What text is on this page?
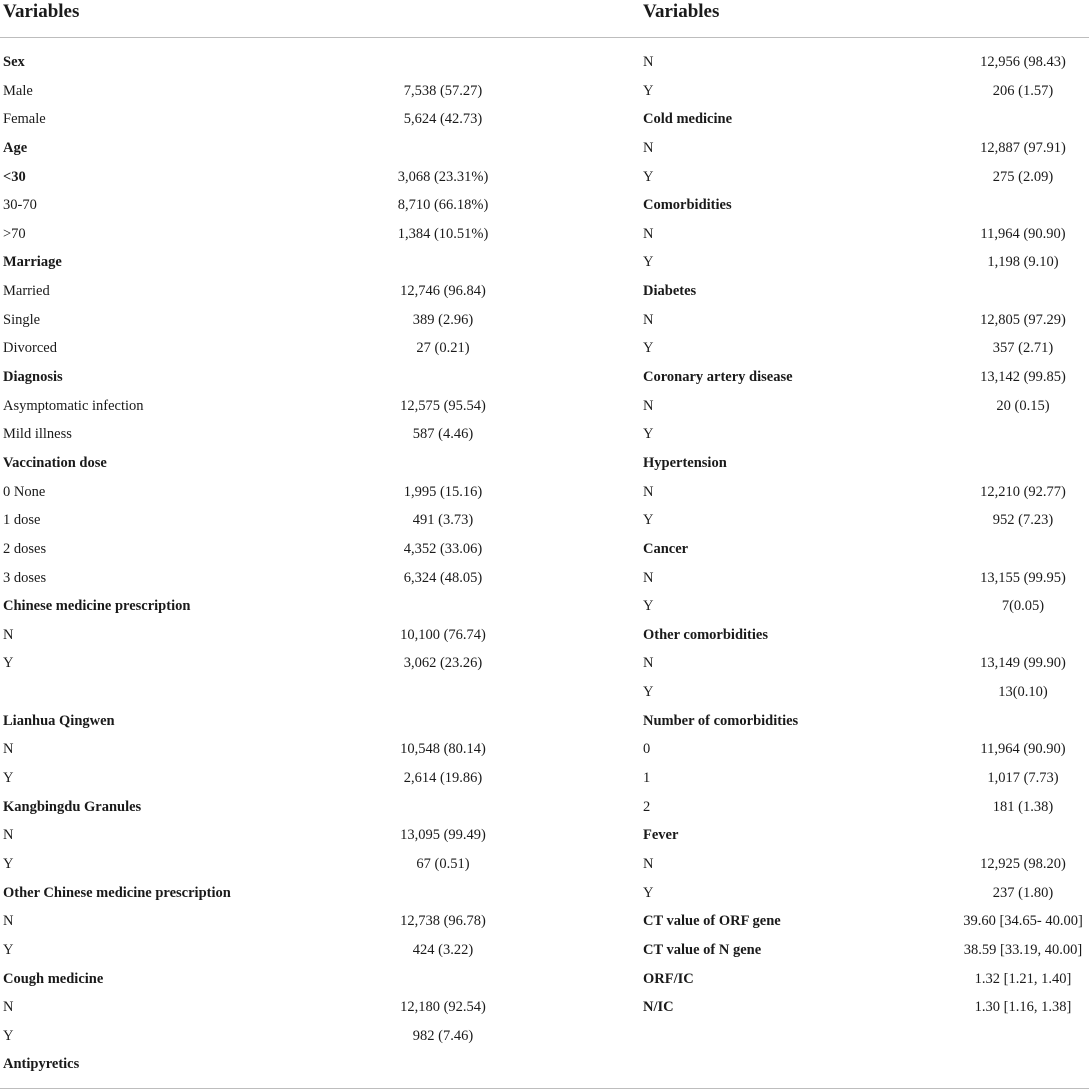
Variables	Variables
Sex
Male	7,538 (57.27)
Female	5,624 (42.73)
Age
<30	3,068 (23.31%)
30-70	8,710 (66.18%)
>70	1,384 (10.51%)
Marriage
Married	12,746 (96.84)
Single	389 (2.96)
Divorced	27 (0.21)
Diagnosis
Asymptomatic infection	12,575 (95.54)
Mild illness	587 (4.46)
Vaccination dose
0 None	1,995 (15.16)
1 dose	491 (3.73)
2 doses	4,352 (33.06)
3 doses	6,324 (48.05)
Chinese medicine prescription
N	10,100 (76.74)
Y	3,062 (23.26)
Lianhua Qingwen
N	10,548 (80.14)
Y	2,614 (19.86)
Kangbingdu Granules
N	13,095 (99.49)
Y	67 (0.51)
Other Chinese medicine prescription
N	12,738 (96.78)
Y	424 (3.22)
Cough medicine
N	12,180 (92.54)
Y	982 (7.46)
Antipyretics
N	12,956 (98.43)
Y	206 (1.57)
Cold medicine
N	12,887 (97.91)
Y	275 (2.09)
Comorbidities
N	11,964 (90.90)
Y	1,198 (9.10)
Diabetes
N	12,805 (97.29)
Y	357 (2.71)
Coronary artery disease	13,142 (99.85)
N	20 (0.15)
Y
Hypertension
N	12,210 (92.77)
Y	952 (7.23)
Cancer
N	13,155 (99.95)
Y	7(0.05)
Other comorbidities
N	13,149 (99.90)
Y	13(0.10)
Number of comorbidities
0	11,964 (90.90)
1	1,017 (7.73)
2	181 (1.38)
Fever
N	12,925 (98.20)
Y	237 (1.80)
CT value of ORF gene	39.60 [34.65- 40.00]
CT value of N gene	38.59 [33.19, 40.00]
ORF/IC	1.32 [1.21, 1.40]
N/IC	1.30 [1.16, 1.38]
